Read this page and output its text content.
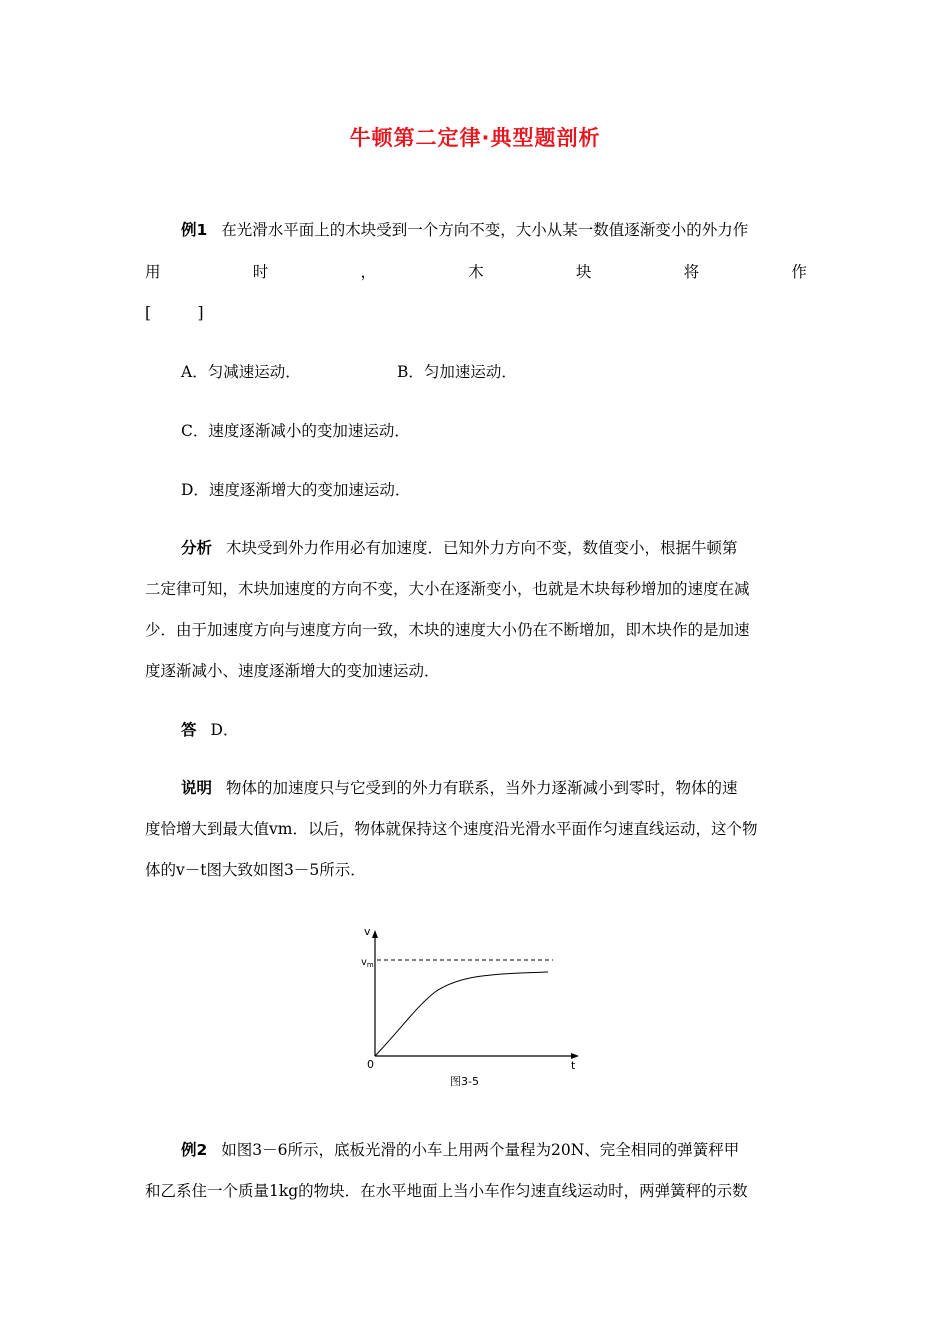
牛顿第二定律·典型题剖析
例1 在光滑水平面上的木块受到一个方向不变，大小从某一数值逐渐变小的外力作
用	时	，	木	块	将	作
[　　　]
A．匀减速运动．	B．匀加速运动．
C．速度逐渐减小的变加速运动．
D．速度逐渐增大的变加速运动．
分析 木块受到外力作用必有加速度．已知外力方向不变，数值变小，根据牛顿第
二定律可知，木块加速度的方向不变，大小在逐渐变小，也就是木块每秒增加的速度在减
少．由于加速度方向与速度方向一致，木块的速度大小仍在不断增加，即木块作的是加速
度逐渐减小、速度逐渐增大的变加速运动．
答 D．
说明 物体的加速度只与它受到的外力有联系，当外力逐渐减小到零时，物体的速
度恰增大到最大值vm．以后，物体就保持这个速度沿光滑水平面作匀速直线运动，这个物
体的v－t图大致如图3－5所示．
v
$v_m$
0	t
图3-5
例2 如图3－6所示，底板光滑的小车上用两个量程为20N、完全相同的弹簧秤甲
和乙系住一个质量1kg的物块．在水平地面上当小车作匀速直线运动时，两弹簧秤的示数
